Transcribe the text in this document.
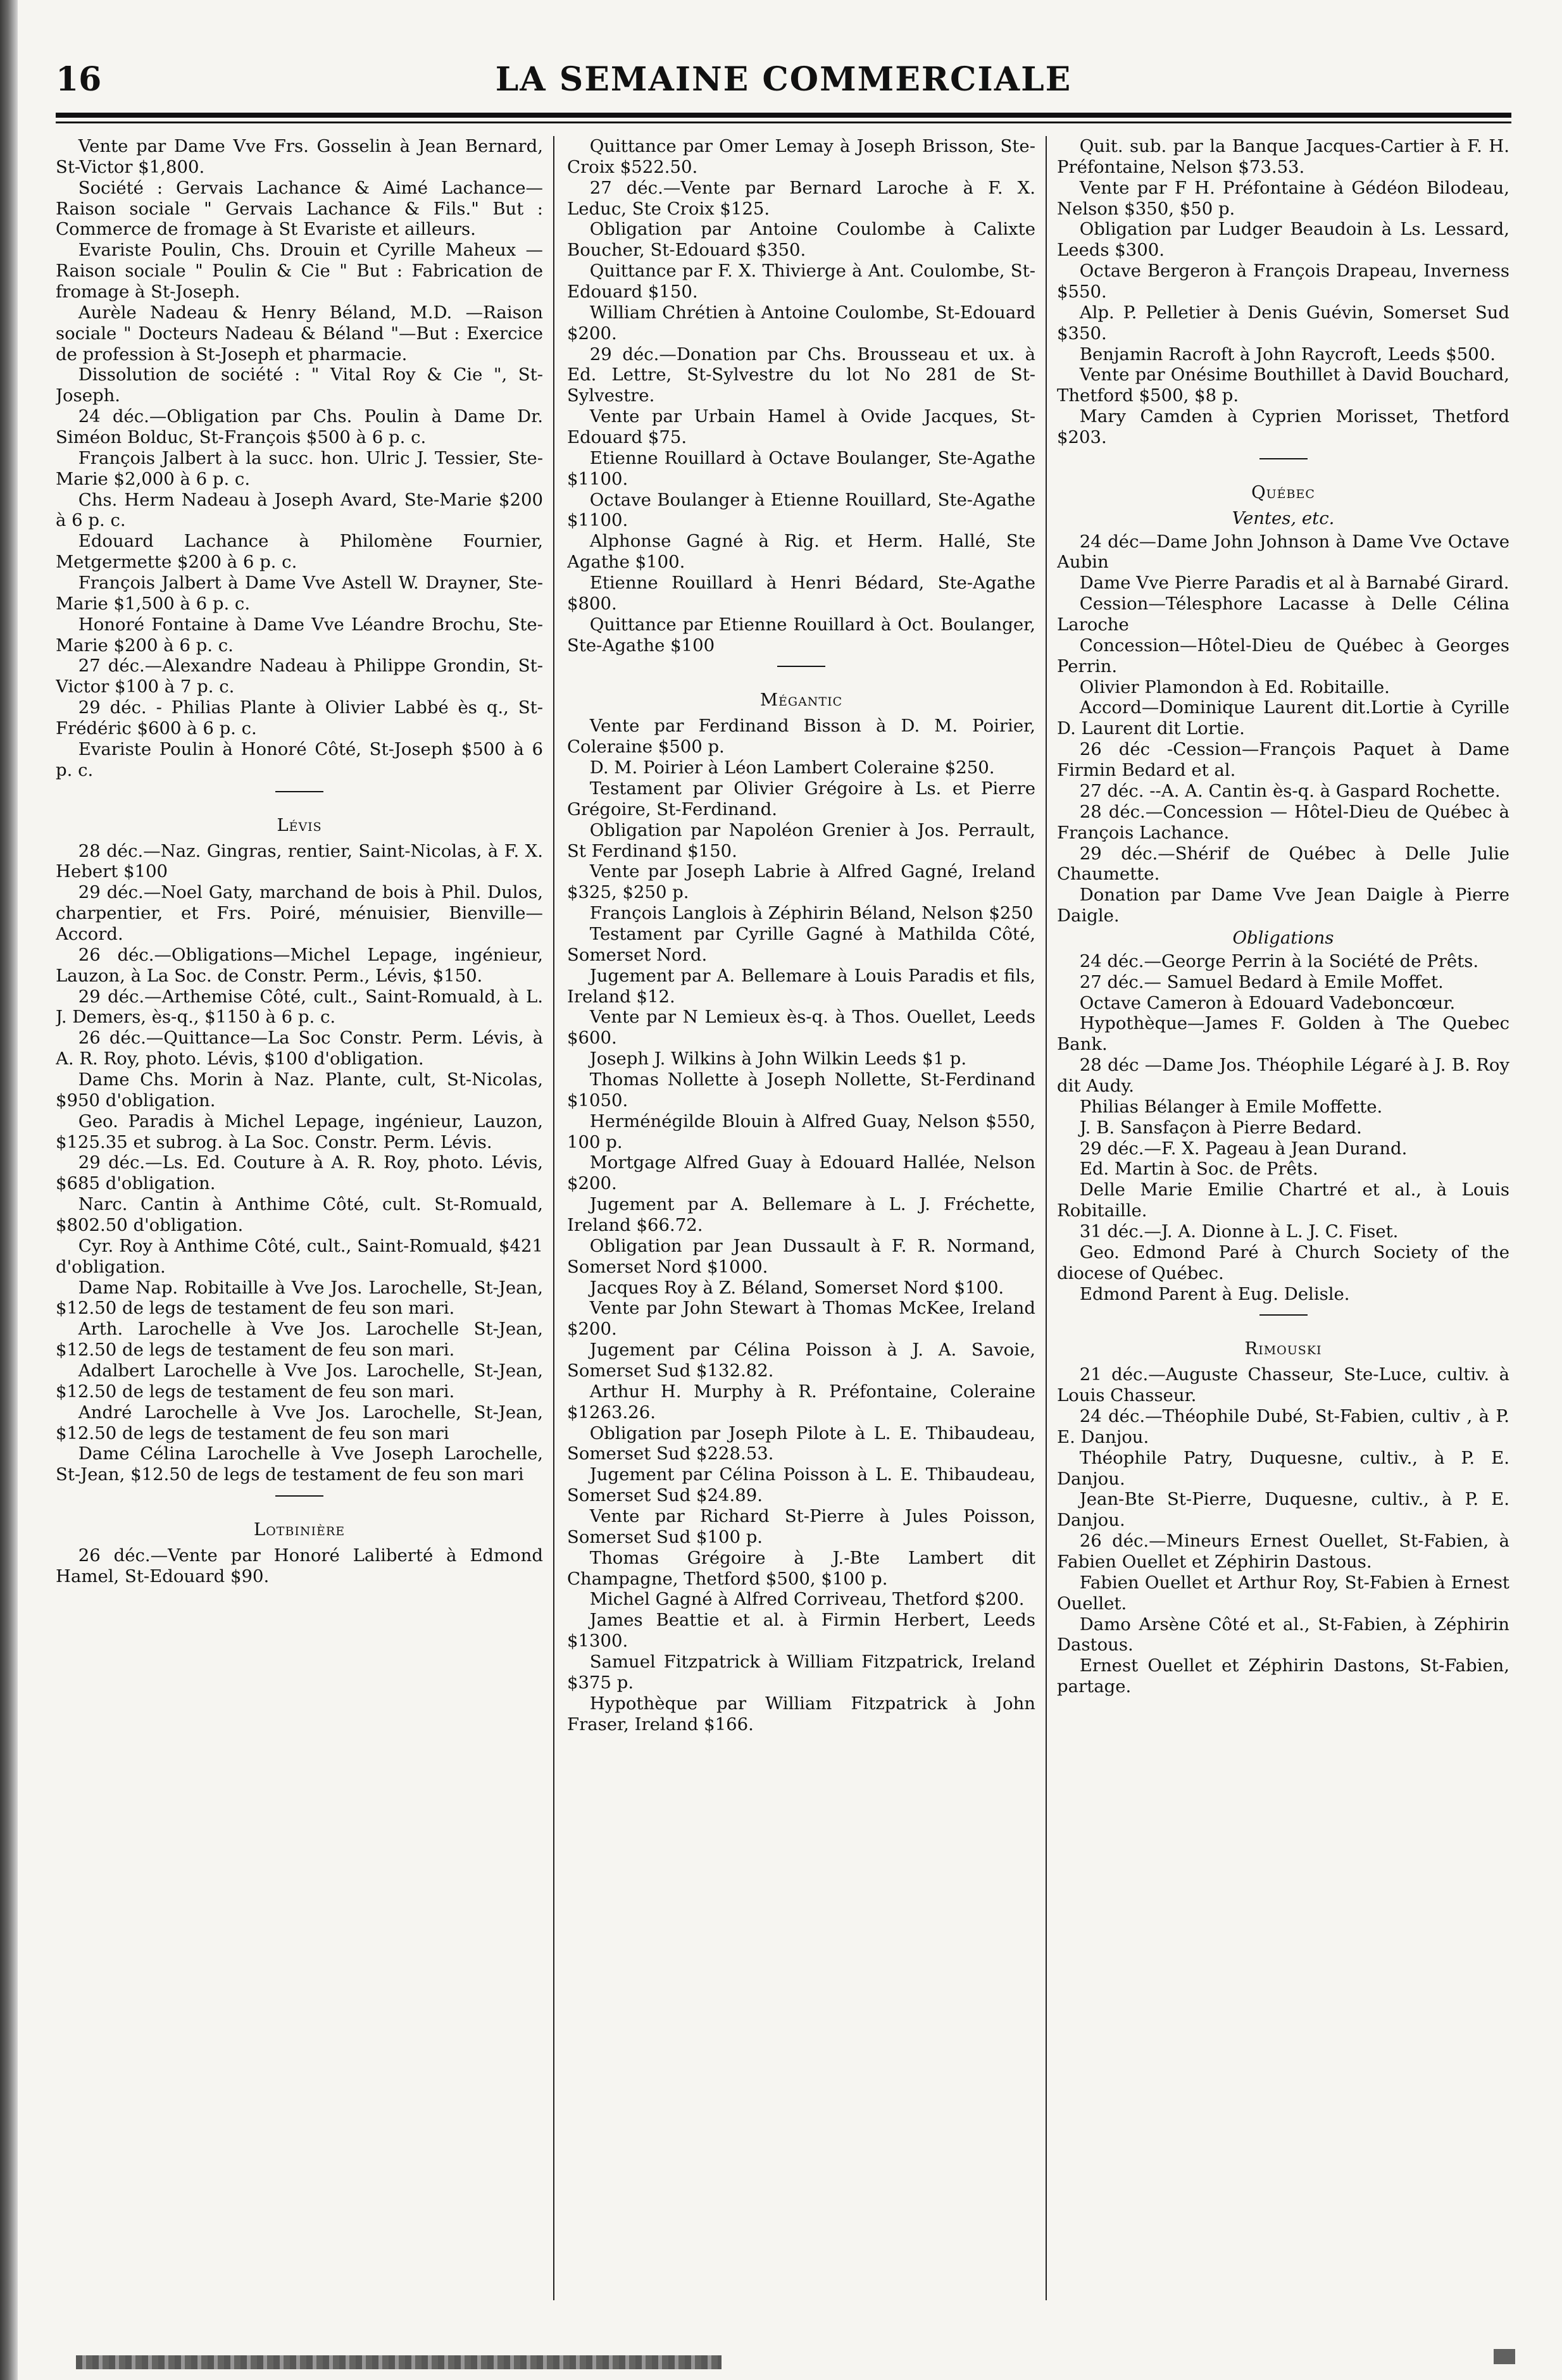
16	LA SEMAINE COMMERCIALE

Vente par Dame Vve Frs. Gosselin à Jean Bernard, St-Victor $1,800.

Société : Gervais Lachance & Aimé Lachance—Raison sociale " Gervais Lachance & Fils." But : Commerce de fromage à St Evariste et ailleurs.

Evariste Poulin, Chs. Drouin et Cyrille Maheux —Raison sociale " Poulin & Cie " But : Fabrication de fromage à St-Joseph.

Aurèle Nadeau & Henry Béland, M.D. —Raison sociale " Docteurs Nadeau & Béland "—But : Exercice de profession à St-Joseph et pharmacie.

Dissolution de société : " Vital Roy & Cie ", St-Joseph.

24 déc.—Obligation par Chs. Poulin à Dame Dr. Siméon Bolduc, St-François $500 à 6 p. c.

François Jalbert à la succ. hon. Ulric J. Tessier, Ste-Marie $2,000 à 6 p. c.

Chs. Herm Nadeau à Joseph Avard, Ste-Marie $200 à 6 p. c.

Edouard Lachance à Philomène Fournier, Metgermette $200 à 6 p. c.

François Jalbert à Dame Vve Astell W. Drayner, Ste-Marie $1,500 à 6 p. c.

Honoré Fontaine à Dame Vve Léandre Brochu, Ste-Marie $200 à 6 p. c.

27 déc.—Alexandre Nadeau à Philippe Grondin, St-Victor $100 à 7 p. c.

29 déc. - Philias Plante à Olivier Labbé ès q., St-Frédéric $600 à 6 p. c.

Evariste Poulin à Honoré Côté, St-Joseph $500 à 6 p. c.

Lévis

28 déc.—Naz. Gingras, rentier, Saint-Nicolas, à F. X. Hebert $100

29 déc.—Noel Gaty, marchand de bois à Phil. Dulos, charpentier, et Frs. Poiré, ménuisier, Bienville—Accord.

26 déc.—Obligations—Michel Lepage, ingénieur, Lauzon, à La Soc. de Constr. Perm., Lévis, $150.

29 déc.—Arthemise Côté, cult., Saint-Romuald, à L. J. Demers, ès-q., $1150 à 6 p. c.

26 déc.—Quittance—La Soc Constr. Perm. Lévis, à A. R. Roy, photo. Lévis, $100 d'obligation.

Dame Chs. Morin à Naz. Plante, cult, St-Nicolas, $950 d'obligation.

Geo. Paradis à Michel Lepage, ingénieur, Lauzon, $125.35 et subrog. à La Soc. Constr. Perm. Lévis.

29 déc.—Ls. Ed. Couture à A. R. Roy, photo. Lévis, $685 d'obligation.

Narc. Cantin à Anthime Côté, cult. St-Romuald, $802.50 d'obligation.

Cyr. Roy à Anthime Côté, cult., Saint-Romuald, $421 d'obligation.

Dame Nap. Robitaille à Vve Jos. Larochelle, St-Jean, $12.50 de legs de testament de feu son mari.

Arth. Larochelle à Vve Jos. Larochelle St-Jean, $12.50 de legs de testament de feu son mari.

Adalbert Larochelle à Vve Jos. Larochelle, St-Jean, $12.50 de legs de testament de feu son mari.

André Larochelle à Vve Jos. Larochelle, St-Jean, $12.50 de legs de testament de feu son mari

Dame Célina Larochelle à Vve Joseph Larochelle, St-Jean, $12.50 de legs de testament de feu son mari

Lotbinière

26 déc.—Vente par Honoré Laliberté à Edmond Hamel, St-Edouard $90.

Quittance par Omer Lemay à Joseph Brisson, Ste-Croix $522.50.

27 déc.—Vente par Bernard Laroche à F. X. Leduc, Ste Croix $125.

Obligation par Antoine Coulombe à Calixte Boucher, St-Edouard $350.

Quittance par F. X. Thivierge à Ant. Coulombe, St-Edouard $150.

William Chrétien à Antoine Coulombe, St-Edouard $200.

29 déc.—Donation par Chs. Brousseau et ux. à Ed. Lettre, St-Sylvestre du lot No 281 de St-Sylvestre.

Vente par Urbain Hamel à Ovide Jacques, St-Edouard $75.

Etienne Rouillard à Octave Boulanger, Ste-Agathe $1100.

Octave Boulanger à Etienne Rouillard, Ste-Agathe $1100.

Alphonse Gagné à Rig. et Herm. Hallé, Ste Agathe $100.

Etienne Rouillard à Henri Bédard, Ste-Agathe $800.

Quittance par Etienne Rouillard à Oct. Boulanger, Ste-Agathe $100

Mégantic

Vente par Ferdinand Bisson à D. M. Poirier, Coleraine $500 p.

D. M. Poirier à Léon Lambert Coleraine $250.

Testament par Olivier Grégoire à Ls. et Pierre Grégoire, St-Ferdinand.

Obligation par Napoléon Grenier à Jos. Perrault, St Ferdinand $150.

Vente par Joseph Labrie à Alfred Gagné, Ireland $325, $250 p.

François Langlois à Zéphirin Béland, Nelson $250

Testament par Cyrille Gagné à Mathilda Côté, Somerset Nord.

Jugement par A. Bellemare à Louis Paradis et fils, Ireland $12.

Vente par N Lemieux ès-q. à Thos. Ouellet, Leeds $600.

Joseph J. Wilkins à John Wilkin Leeds $1 p.

Thomas Nollette à Joseph Nollette, St-Ferdinand $1050.

Herménégilde Blouin à Alfred Guay, Nelson $550, 100 p.

Mortgage Alfred Guay à Edouard Hallée, Nelson $200.

Jugement par A. Bellemare à L. J. Fréchette, Ireland $66.72.

Obligation par Jean Dussault à F. R. Normand, Somerset Nord $1000.

Jacques Roy à Z. Béland, Somerset Nord $100.

Vente par John Stewart à Thomas McKee, Ireland $200.

Jugement par Célina Poisson à J. A. Savoie, Somerset Sud $132.82.

Arthur H. Murphy à R. Préfontaine, Coleraine $1263.26.

Obligation par Joseph Pilote à L. E. Thibaudeau, Somerset Sud $228.53.

Jugement par Célina Poisson à L. E. Thibaudeau, Somerset Sud $24.89.

Vente par Richard St-Pierre à Jules Poisson, Somerset Sud $100 p.

Thomas Grégoire à J.-Bte Lambert dit Champagne, Thetford $500, $100 p.

Michel Gagné à Alfred Corriveau, Thetford $200.

James Beattie et al. à Firmin Herbert, Leeds $1300.

Samuel Fitzpatrick à William Fitzpatrick, Ireland $375 p.

Hypothèque par William Fitzpatrick à John Fraser, Ireland $166.

Quit. sub. par la Banque Jacques-Cartier à F. H. Préfontaine, Nelson $73.53.

Vente par F H. Préfontaine à Gédéon Bilodeau, Nelson $350, $50 p.

Obligation par Ludger Beaudoin à Ls. Lessard, Leeds $300.

Octave Bergeron à François Drapeau, Inverness $550.

Alp. P. Pelletier à Denis Guévin, Somerset Sud $350.

Benjamin Racroft à John Raycroft, Leeds $500.

Vente par Onésime Bouthillet à David Bouchard, Thetford $500, $8 p.

Mary Camden à Cyprien Morisset, Thetford $203.

Québec

Ventes, etc.

24 déc—Dame John Johnson à Dame Vve Octave Aubin

Dame Vve Pierre Paradis et al à Barnabé Girard.

Cession—Télesphore Lacasse à Delle Célina Laroche

Concession—Hôtel-Dieu de Québec à Georges Perrin.

Olivier Plamondon à Ed. Robitaille.

Accord—Dominique Laurent dit.Lortie à Cyrille D. Laurent dit Lortie.

26 déc -Cession—François Paquet à Dame Firmin Bedard et al.

27 déc. --A. A. Cantin ès-q. à Gaspard Rochette.

28 déc.—Concession — Hôtel-Dieu de Québec à François Lachance.

29 déc.—Shérif de Québec à Delle Julie Chaumette.

Donation par Dame Vve Jean Daigle à Pierre Daigle.

Obligations

24 déc.—George Perrin à la Société de Prêts.

27 déc.— Samuel Bedard à Emile Moffet.

Octave Cameron à Edouard Vadeboncœur.

Hypothèque—James F. Golden à The Quebec Bank.

28 déc —Dame Jos. Théophile Légaré à J. B. Roy dit Audy.

Philias Bélanger à Emile Moffette.

J. B. Sansfaçon à Pierre Bedard.

29 déc.—F. X. Pageau à Jean Durand.

Ed. Martin à Soc. de Prêts.

Delle Marie Emilie Chartré et al., à Louis Robitaille.

31 déc.—J. A. Dionne à L. J. C. Fiset.

Geo. Edmond Paré à Church Society of the diocese of Québec.

Edmond Parent à Eug. Delisle.

Rimouski

21 déc.—Auguste Chasseur, Ste-Luce, cultiv. à Louis Chasseur.

24 déc.—Théophile Dubé, St-Fabien, cultiv , à P. E. Danjou.

Théophile Patry, Duquesne, cultiv., à P. E. Danjou.

Jean-Bte St-Pierre, Duquesne, cultiv., à P. E. Danjou.

26 déc.—Mineurs Ernest Ouellet, St-Fabien, à Fabien Ouellet et Zéphirin Dastous.

Fabien Ouellet et Arthur Roy, St-Fabien à Ernest Ouellet.

Damo Arsène Côté et al., St-Fabien, à Zéphirin Dastous.

Ernest Ouellet et Zéphirin Dastons, St-Fabien, partage.
